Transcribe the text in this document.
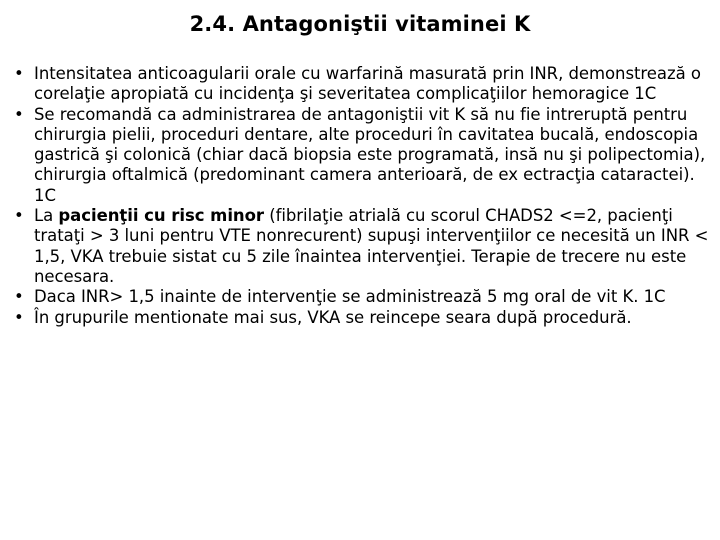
2.4. Antagoniştii vitaminei K
• Intensitatea anticoagularii orale cu warfarină masurată prin INR, demonstrează o corelaţie apropiată cu incidenţa şi severitatea complicaţiilor hemoragice 1C
• Se recomandă ca administrarea de antagoniştii vit K să nu fie intreruptă pentru chirurgia pielii, proceduri dentare, alte proceduri în cavitatea bucală, endoscopia gastrică şi colonică (chiar dacă biopsia este programată, insă nu şi polipectomia), chirurgia oftalmică (predominant camera anterioară, de ex ectracţia cataractei). 1C
• La pacienţii cu risc minor (fibrilaţie atrială cu scorul CHADS2 <=2, pacienţi trataţi > 3 luni pentru VTE nonrecurent) supuşi intervenţiilor ce necesită un INR < 1,5, VKA trebuie sistat cu 5 zile înaintea intervenţiei. Terapie de trecere nu este necesara.
• Daca INR> 1,5 inainte de intervenţie se administrează 5 mg oral de vit K. 1C
• În grupurile mentionate mai sus, VKA se reincepe seara după procedură.
